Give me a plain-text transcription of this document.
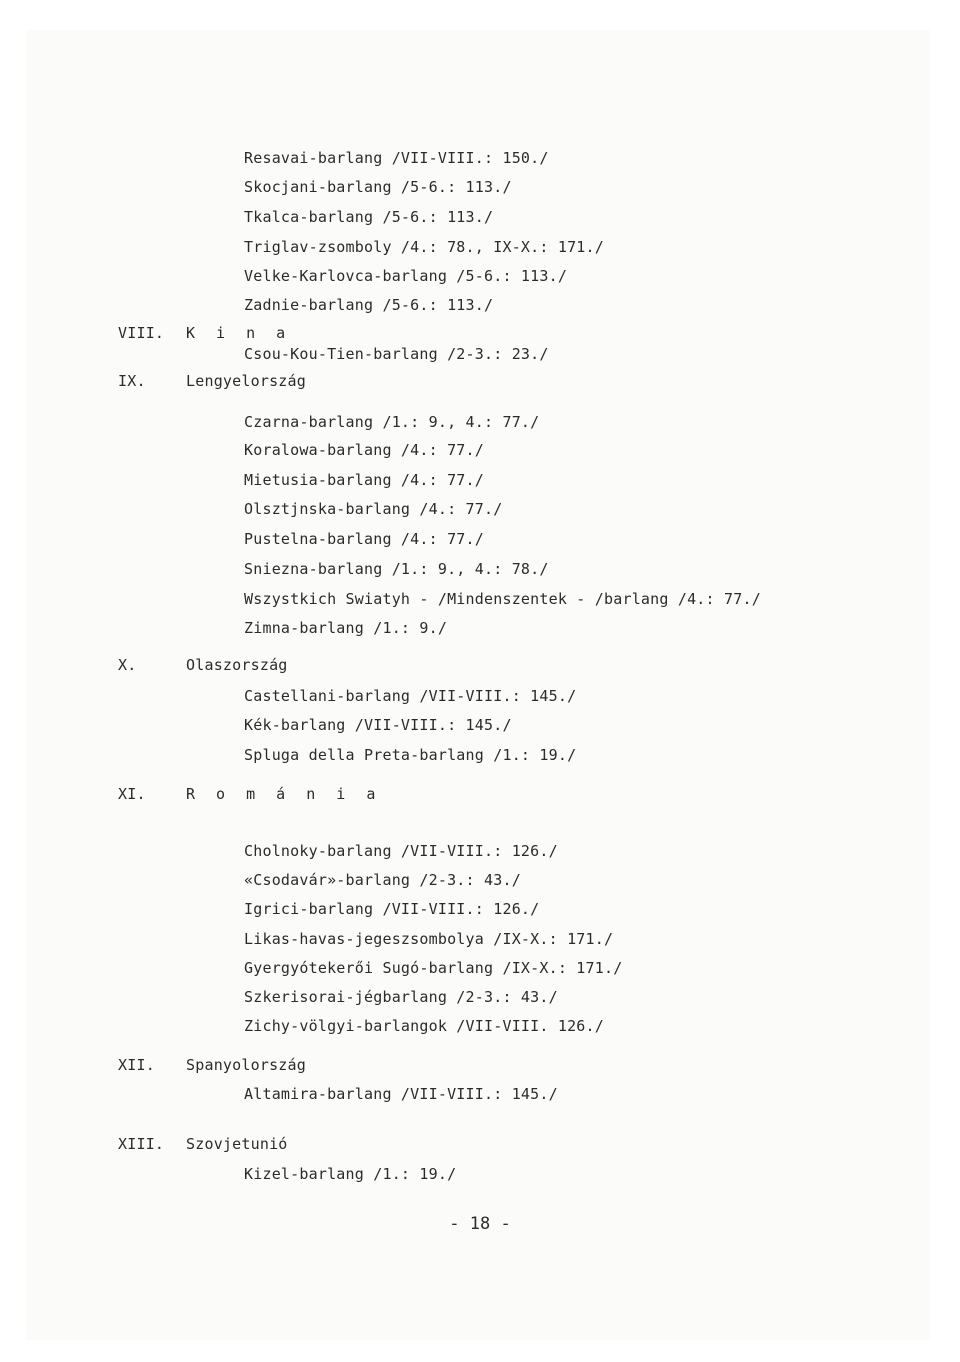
Resavai-barlang /VII-VIII.: 150./
Skocjani-barlang /5-6.: 113./
Tkalca-barlang /5-6.: 113./
Triglav-zsomboly /4.: 78., IX-X.: 171./
Velke-Karlovca-barlang /5-6.: 113./
Zadnie-barlang /5-6.: 113./
VIII. K i n a
Csou-Kou-Tien-barlang /2-3.: 23./
IX.	Lengyelország
Czarna-barlang /1.: 9., 4.: 77./
Koralowa-barlang /4.: 77./
Mietusia-barlang /4.: 77./
Olsztjnska-barlang /4.: 77./
Pustelna-barlang /4.: 77./
Sniezna-barlang /1.: 9., 4.: 78./
Wszystkich Swiatyh - /Mindenszentek - /barlang /4.: 77./
Zimna-barlang /1.: 9./
X.	Olaszország
Castellani-barlang /VII-VIII.: 145./
Kék-barlang /VII-VIII.: 145./
Spluga della Preta-barlang /1.: 19./
XI.	R o m á n i a
Cholnoky-barlang /VII-VIII.: 126./
«Csodavár»-barlang /2-3.: 43./
Igrici-barlang /VII-VIII.: 126./
Likas-havas-jegeszsombolya /IX-X.: 171./
Gyergyótekerői Sugó-barlang /IX-X.: 171./
Szkerisorai-jégbarlang /2-3.: 43./
Zichy-völgyi-barlangok /VII-VIII. 126./
XII. Spanyolország
Altamira-barlang /VII-VIII.: 145./
XIII. Szovjetunió
Kizel-barlang /1.: 19./
- 18 -
